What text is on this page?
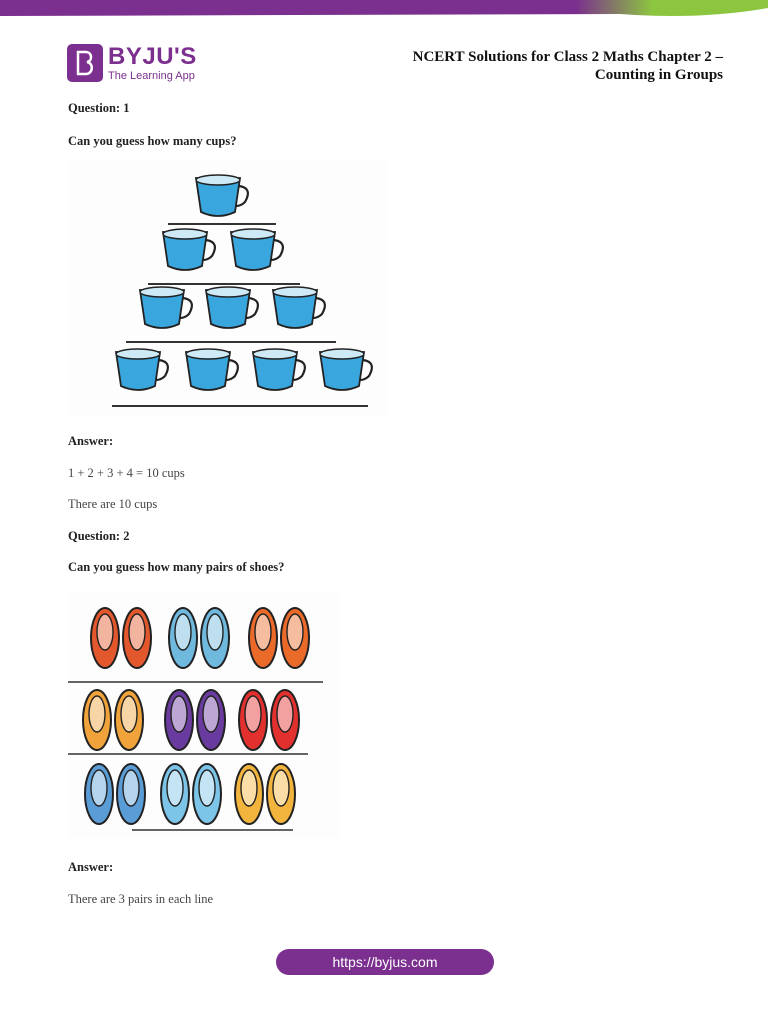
BYJU'S
The Learning App
NCERT Solutions for Class 2 Maths Chapter 2 –
Counting in Groups
Question: 1
Can you guess how many cups?
Answer:
1 + 2 + 3 + 4 = 10 cups
There are 10 cups
Question: 2
Can you guess how many pairs of shoes?
Answer:
There are 3 pairs in each line
https://byjus.com
